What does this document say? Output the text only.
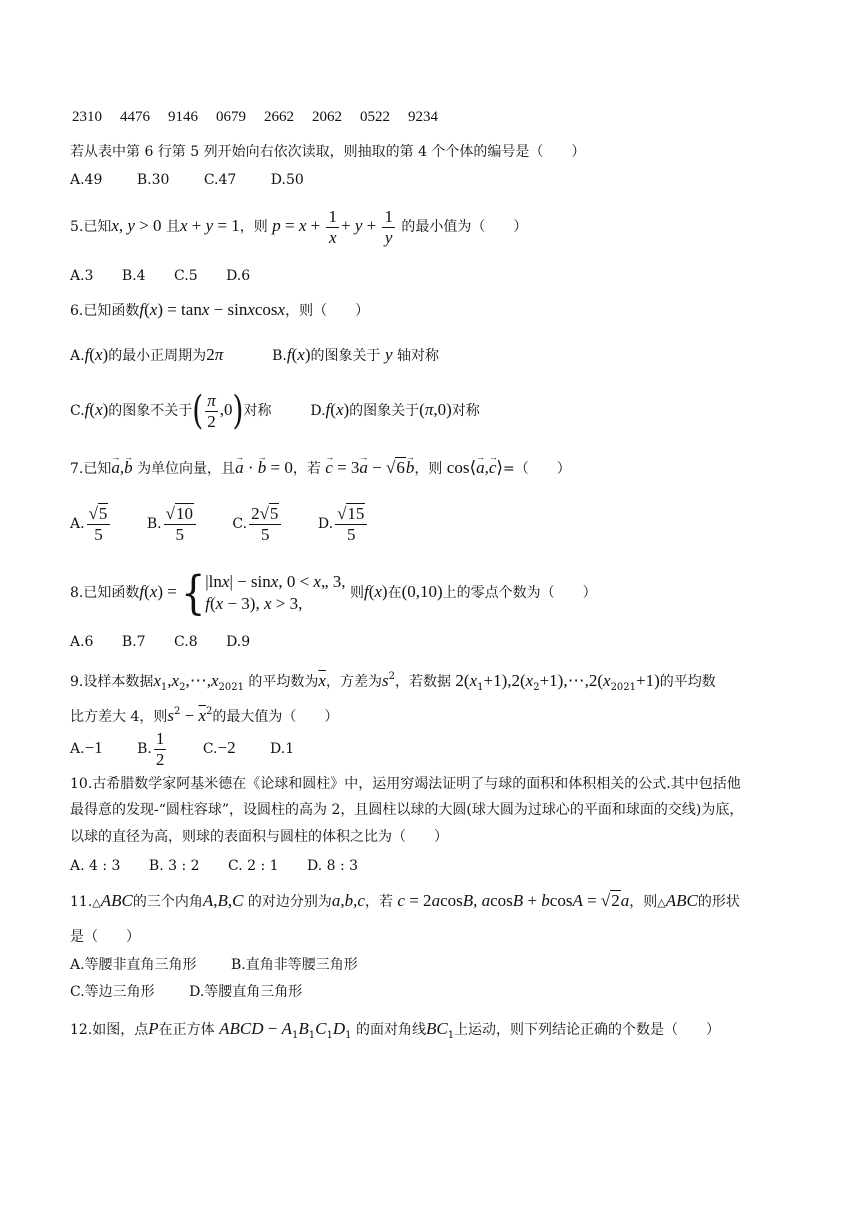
2310 4476 9146 0679 2662 2062 0522 9234
若从表中第 6 行第 5 列开始向右依次读取，则抽取的第 4 个个体的编号是（　　）
A.49 B.30 C.47 D.50
5.已知x, y > 0 且x + y = 1，则 $p = x + \frac{1}{x} + y + \frac{1}{y}$ 的最小值为（　　）
A.3 B.4 C.5 D.6
6.已知函数f(x) = tanx − sinxcosx，则（　　）
A.f(x)的最小正周期为2π	B.f(x)的图象关于 y 轴对称
C.f(x)的图象不关于( $\frac{\pi}{2} ,0$)对称	D.f(x)的图象关于(π,0)对称
7.已知→ a,→ b 为单位向量，且→ a · → b = 0，若 → c = 3→ a − √6→ b，则 cos⟨→ a,→ c⟩=（　　）
A. $\frac{√5}{5}$	B. $\frac{√10}{5}$	C. $\frac{2√5}{5}$	D. $\frac{√15}{5}$
8.已知函数f(x) = { |lnx| − sinx, 0 < x„ 3,
f(x − 3), x > 3,
则f(x)在(0,10)上的零点个数为（　　）
A.6 B.7 C.8 D.9
9.设样本数据$x_1,x_2,\cdots,x_{2021}$ 的平均数为$\overline{x}$，方差为$s^2$，若数据 $2(x_1+1),2(x_2+1),\cdots,2(x_{2021}+1)$的平均数
比方差大 4，则$s^2 - \overline{x}^2$的最大值为（　　）
A.−1 B. $\frac{1}{2}$	C.−2 D.1
10.古希腊数学家阿基米德在《论球和圆柱》中，运用穷竭法证明了与球的面积和体积相关的公式.其中包括他
最得意的发现-“圆柱容球”，设圆柱的高为 2，且圆柱以球的大圆(球大圆为过球心的平面和球面的交线)为底，
以球的直径为高，则球的表面积与圆柱的体积之比为（　　）
A. 4 : 3 B. 3 : 2 C. 2 : 1 D. 8 : 3
11.△ABC的三个内角A,B,C 的对边分别为a,b,c，若 c = 2acosB, acosB + bcosA = √2a，则△ABC的形状
是（　　）
A.等腰非直角三角形 B.直角非等腰三角形
C.等边三角形 D.等腰直角三角形
12.如图，点P在正方体 ABCD − $A_1B_1C_1D_1$ 的面对角线$BC_1$上运动，则下列结论正确的个数是（　　）
